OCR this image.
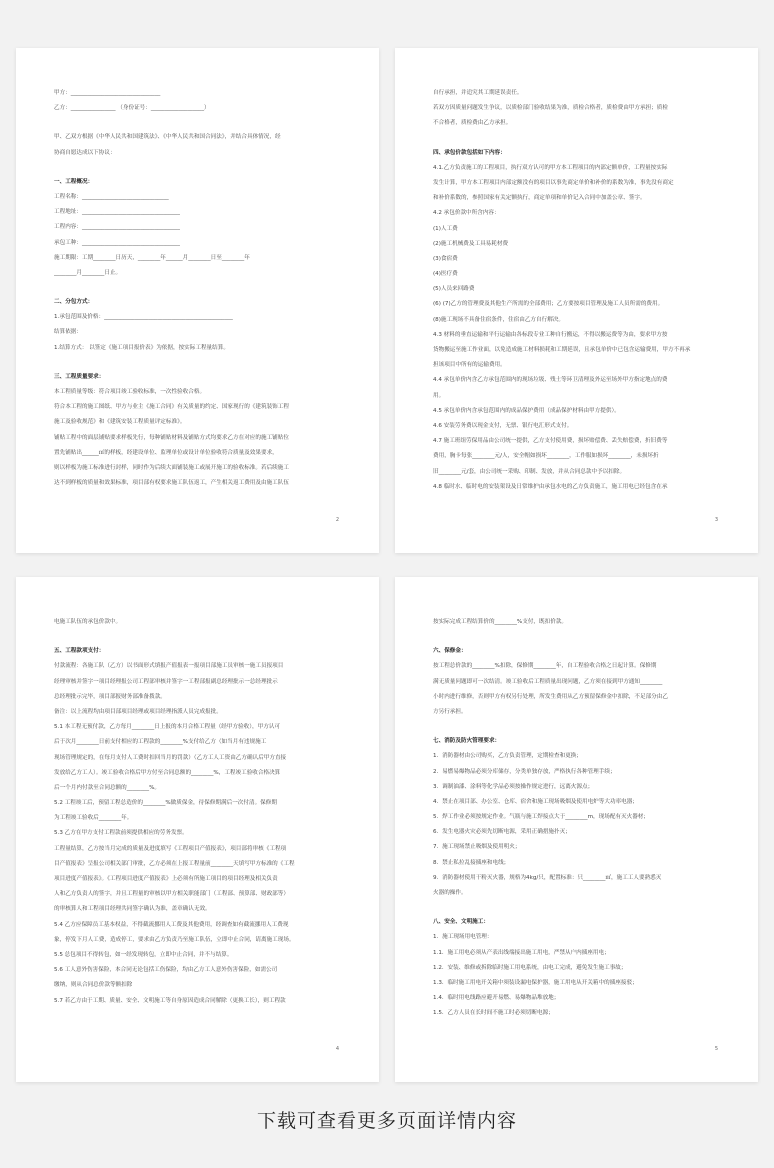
甲方：________________________________
乙方：________________ （身份证号：___________________）
甲、乙双方根据《中华人民共和国建筑法》、《中华人民共和国合同法》，并结合具体情况，经
协商自愿达成以下协议：
一、工程概况：
工程名称：_______________________________
工程地址：___________________________________
工程内容：___________________________________
承包工种：___________________________________
施工期限：工期________日历天，________年______月________日至________年
________月________日止。
二、分包方式：
1.承包范围及价格：______________________________________________
结算依据：
1.结算方式： 以签定《施工项目报价表》为依据，按实际工程量结算。
三、工程质量要求：
本工程质量等级：符合项目竣工验收标准，一次性验收合格。
符合本工程的施工图纸、甲方与业主《施工合同》有关质量的约定、国家现行的《建筑装饰工程
施工及验收规范》和《建筑安装工程质量评定标准》。
铺贴工程中的面层铺贴要求样板先行，每种铺贴材料及铺贴方式均要求乙方在对应的施工铺贴位
置先铺贴出______㎡的样板，经建设单位、监理单位或设计单位验收符合质量及效果要求，
则以样板为施工标准进行封样，同时作为后续大面铺装施工或展开施工的验收标准。若后续施工
达不到样板的质量和效果标准，项目部有权要求施工队伍返工，产生相关返工费用及由施工队伍
2
自行承担，并追究其工期延误责任。
若双方因质量问题发生争议，以质检部门验收结果为准，质检合格者，质检费由甲方承担；质检
不合格者，质检费由乙方承担。
四、承包价款包括如下内容：
4.1.乙方负责施工的工程项目，执行双方认可的甲方本工程项目的内部定额单价，工程量按实际
发生计算，甲方本工程项目内部定额没有的项目以事先商定单价和补价的系数为准，事先没有商定
和补价系数的，参照国家有关定额执行，商定单项和单价记入合同中加盖公章、签字。
4.2 承包价款中所含内容：
(1)人工费
(2)施工机械费及工具易耗材费
(3)食宿费
(4)医疗费
(5)人员来回路费
(6) (7)乙方的管理费及其他生产所需的全部费用；乙方要按项目管理及施工人员所需的费用。
(8)施工现场不具备住宿条件，住宿由乙方自行解决。
4.3 材料的垂直运输和平行运输由各标段专业工种自行搬运，不得以搬运费等为由，要求甲方按
货物搬运至施工作业面，以免造成施工材料损耗和工期延误，且承包单价中已包含运输费用，甲方不再承
担该项目中所有的运输费用。
4.4 承包单价内含乙方承包范围内的现场垃圾、残土等环卫清理及外运至场外甲方指定地点的费
用。
4.5 承包单价内含承包范围内的成品保护费用（成品保护材料由甲方提供）。
4.6 安装劳务费以现金支付，无票、银行电汇形式支付。
4.7 施工班组劳保用品由公司统一提供，乙方支付使用费，损坏赔偿费、丢失赔偿费，折旧费等
费用，胸卡每张________元/人，安全帽如损坏________，工作服如损坏________，未损坏折
旧________元/套，由公司统一采购、印制、发放，并从合同总款中予以扣除。
4.8 临时水、临时电的安装架设及日常维护由承包水电的乙方负责施工，施工用电已经包含在承
3
电施工队伍的承包价款中。
五、工程款项支付：
付款流程：各施工队（乙方）以书面形式填报产值报表一报项目部施工员审核一施工员报项目
经理审核并签字一项目经理报公司工程部审核并签字一工程部报副总经理批示一总经理批示
总经理批示完毕，项目部报财务部准备拨款。
备注：以上流程均由项目部项目经理或项目经理指派人员完成报批。
5.1 本工程无预付款，乙方每月________日上报的本月合格工程量（经甲方验收），甲方认可
后于次月________日前支付相应的工程款的________%支付给乙方（如当月有违规施工
现场管理规定的，在每月支付人工费时扣回当月的罚款）（乙方工人工资由乙方确认后甲方直接
发放给乙方工人）。竣工验收合格后甲方付至合同总额的________%，工程竣工验收合格决算
后一个月内付款至合同总额的________%。
5.2 工程竣工后，预留工程总造价的________%做质保金，待保修期满后一次付清。保修期
为工程竣工验收后________年。
5.3 乙方在甲方支付工程款前须提供相应的劳务发票。
工程量结算，乙方按当月完成的质量及进度填写《工程项目产值报表》，项目部将审核《工程项
目产值报表》呈报公司相关部门审批，乙方必须在上报工程量前________天填写甲方标准的《工程
项目进度产值报表》。《工程项目进度产值报表》上必须有所施工项目的项目经理及相关负责
人和乙方负责人的签字，并且工程量的审核以甲方相关职能部门（工程部、预算部、财政部等）
的审核算人和工程项目经理共同签字确认为准，盖章确认无效。
5.4 乙方应保障员工基本权益，不得截流挪用人工费及其他费用，经调查如有截流挪用人工费现
象，停发下月人工费，造成停工，要求由乙方负责乃至施工队伍，立即中止合同，请离施工现场。
5.5 总包项目不得转包，如一经发现转包，立即中止合同，并不与结算。
5.6 工人意外伤害保险，本合同无论包括工伤保险，均由乙方工人意外伤害保险，如需公司
缴纳，则从合同总价款等额扣除
5.7 若乙方由于工期、质量、安全、文明施工等自身原因造成合同解除（更换工长），则工程款
4
按实际完成工程结算价的________%支付，既扣价款。
六、保修金：
按工程总价款的________%扣除，保修期________年，自工程验收合格之日起计算。保修期
满无质量问题即可一次结清。竣工验收后工程质量出现问题，乙方须在接到甲方通知________
小时内进行维修，否则甲方有权另行处理，所发生费用从乙方预留保修金中扣除，不足部分由乙
方另行承担。
七、消防及防火管理要求：
1．消防器材由公司购买，乙方负责管理，定期检查和更换；
2．易燃易爆物品必须分库储存，分类单独存放，严格执行各种管理手续；
3．调制油漆、涂料等化学品必须按操作规定进行，远离火源点；
4．禁止在项目部、办公室、仓库、宿舍和施工现场吸烟及使用电炉等大功率电器；
5．焊工作业必须按规定作业。气瓶与施工焊接点大于________m，现场配有灭火器材；
6．发生电器火灾必须先切断电源，采用正确措施扑灭；
7．施工现场禁止吸烟及使用明火；
8．禁止私拉乱接插座和电线；
9．消防器材使用干粉灭火器，规格为4kg/只，配置标准：只________㎡，施工工人要熟悉灭
火器的操作。
八、安全、文明施工：
1．施工现场用电管理：
1.1．施工用电必须从产表出线端接出施工用电，严禁从户内插座用电；
1.2．安装、维修或拆除临时施工用电系统，由电工完成，避免发生施工事故；
1.3．临时施工用电开关箱中须装设漏电保护器，施工用电从开关箱中的插座接驳；
1.4．临时用电线路应避开易燃、易爆物品堆放地；
1.5．乙方人员在长时间不施工时必须切断电源；
5
下载可查看更多页面详情内容
